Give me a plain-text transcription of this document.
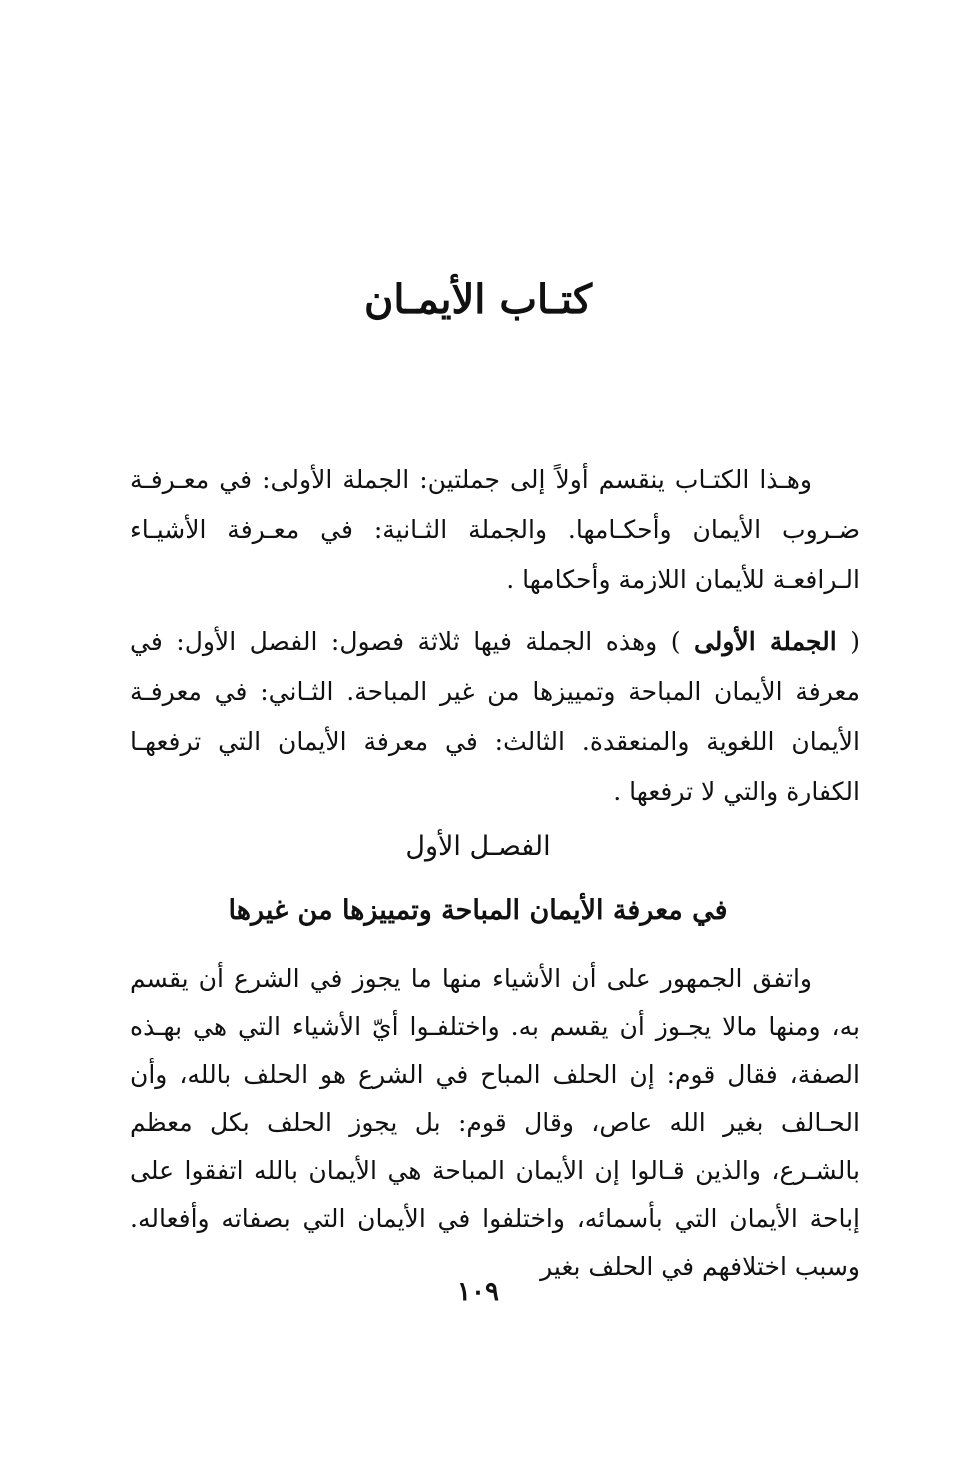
كتـاب الأيمـان

وهـذا الكتـاب ينقسم أولاً إلى جملتين: الجملة الأولى: في معـرفـة ضـروب الأيمان وأحكـامها. والجملة الثـانية: في معـرفة الأشيـاء الـرافعـة للأيمان اللازمة وأحكامها .

( الجملة الأولى ) وهذه الجملة فيها ثلاثة فصول: الفصل الأول: في معرفة الأيمان المباحة وتمييزها من غير المباحة. الثـاني: في معرفـة الأيمان اللغوية والمنعقدة. الثالث: في معرفة الأيمان التي ترفعهـا الكفارة والتي لا ترفعها .

الفصـل الأول
في معرفة الأيمان المباحة وتمييزها من غيرها

واتفق الجمهور على أن الأشياء منها ما يجوز في الشرع أن يقسم به، ومنها مالا يجـوز أن يقسم به. واختلفـوا أيّ الأشياء التي هي بهـذه الصفة، فقال قوم: إن الحلف المباح في الشرع هو الحلف بالله، وأن الحـالف بغير الله عاص، وقال قوم: بل يجوز الحلف بكل معظم بالشـرع، والذين قـالوا إن الأيمان المباحة هي الأيمان بالله اتفقوا على إباحة الأيمان التي بأسمائه، واختلفوا في الأيمان التي بصفاته وأفعاله. وسبب اختلافهم في الحلف بغير

١٠٩
